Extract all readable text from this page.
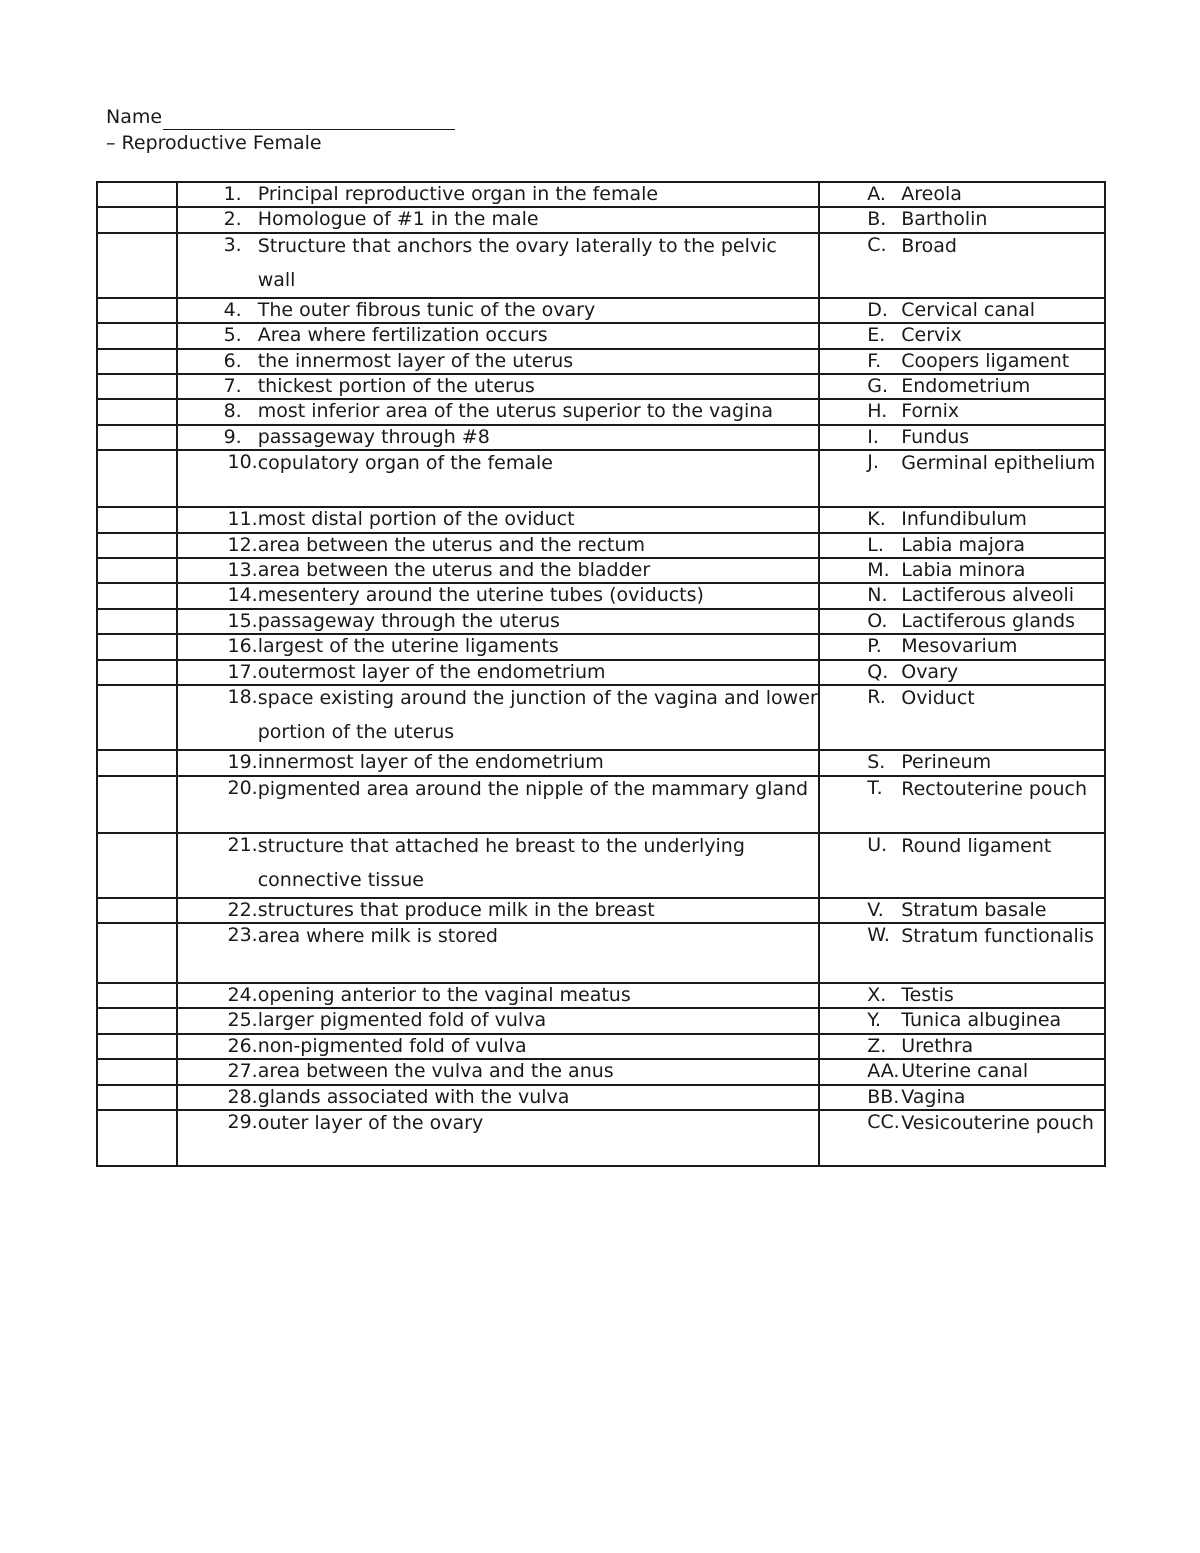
Name
– Reproductive Female

	1. Principal reproductive organ in the female	A. Areola

	2. Homologue of #1 in the male	B. Bartholin

	3. Structure that anchors the ovary laterally to the pelvic wall	C. Broad

	4. The outer fibrous tunic of the ovary	D. Cervical canal

	5. Area where fertilization occurs	E. Cervix

	6. the innermost layer of the uterus	F. Coopers ligament

	7. thickest portion of the uterus	G. Endometrium

	8. most inferior area of the uterus superior to the vagina	H. Fornix

	9. passageway through #8	I. Fundus

	10. copulatory organ of the female	J. Germinal epithelium

	11. most distal portion of the oviduct	K. Infundibulum

	12. area between the uterus and the rectum	L. Labia majora

	13. area between the uterus and the bladder	M. Labia minora

	14. mesentery around the uterine tubes (oviducts)	N. Lactiferous alveoli

	15. passageway through the uterus	O. Lactiferous glands

	16. largest of the uterine ligaments	P. Mesovarium

	17. outermost layer of the endometrium	Q. Ovary

	18. space existing around the junction of the vagina and lower portion of the uterus	R. Oviduct

	19. innermost layer of the endometrium	S. Perineum

	20. pigmented area around the nipple of the mammary gland	T. Rectouterine pouch

	21. structure that attached he breast to the underlying connective tissue	U. Round ligament

	22. structures that produce milk in the breast	V. Stratum basale

	23. area where milk is stored	W. Stratum functionalis

	24. opening anterior to the vaginal meatus	X. Testis

	25. larger pigmented fold of vulva	Y. Tunica albuginea

	26. non-pigmented fold of vulva	Z. Urethra

	27. area between the vulva and the anus	AA. Uterine canal

	28. glands associated with the vulva	BB. Vagina

	29. outer layer of the ovary	CC. Vesicouterine pouch
